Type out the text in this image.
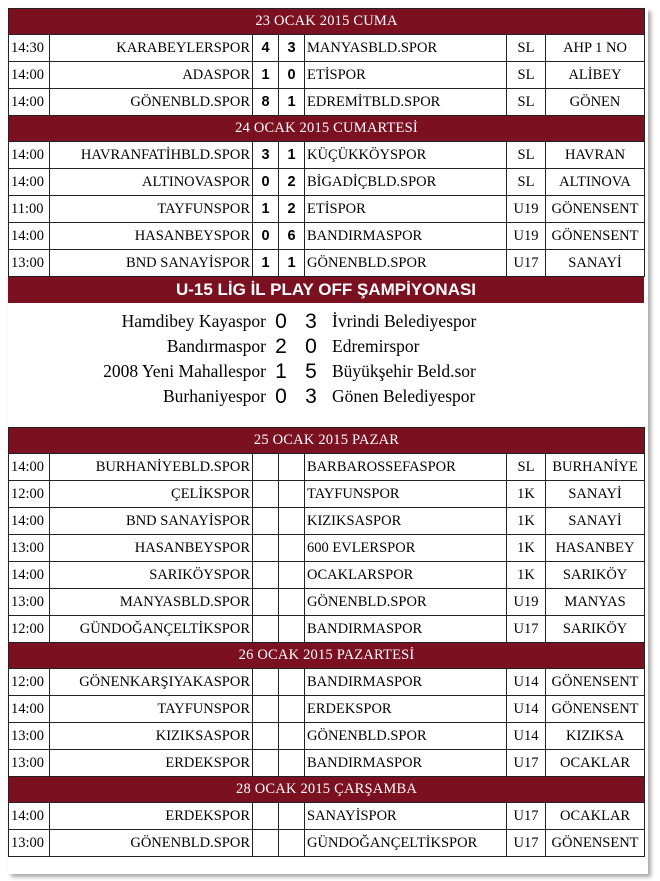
23 OCAK 2015 CUMA						
14:30	KARABEYLERSPOR	4	3	MANYASBLD.SPOR	SL	AHP 1 NO
14:00	ADASPOR	1	0	ETİSPOR	SL	ALİBEY
14:00	GÖNENBLD.SPOR	8	1	EDREMİTBLD.SPOR	SL	GÖNEN
24 OCAK 2015 CUMARTESİ						
14:00	HAVRANFATİHBLD.SPOR	3	1	KÜÇÜKKÖYSPOR	SL	HAVRAN
14:00	ALTINOVASPOR	0	2	BİGADİÇBLD.SPOR	SL	ALTINOVA
11:00	TAYFUNSPOR	1	2	ETİSPOR	U19	GÖNENSENT
14:00	HASANBEYSPOR	0	6	BANDIRMASPOR	U19	GÖNENSENT
13:00	BND SANAYİSPOR	1	1	GÖNENBLD.SPOR	U17	SANAYİ
U-15 LİG İL PLAY OFF ŞAMPİYONASI
Hamdibey Kayaspor 0 3 İvrindi Belediyespor
Bandırmaspor 2 0 Edremirspor
2008 Yeni Mahallespor 1 5 Büyükşehir Beld.sor
Burhaniyespor 0 3 Gönen Belediyespor
25 OCAK 2015 PAZAR						
14:00	BURHANİYEBLD.SPOR			BARBAROSSEFASPOR	SL	BURHANİYE
12:00	ÇELİKSPOR			TAYFUNSPOR	1K	SANAYİ
14:00	BND SANAYİSPOR			KIZIKSASPOR	1K	SANAYİ
13:00	HASANBEYSPOR			600 EVLERSPOR	1K	HASANBEY
14:00	SARIKÖYSPOR			OCAKLARSPOR	1K	SARIKÖY
13:00	MANYASBLD.SPOR			GÖNENBLD.SPOR	U19	MANYAS
12:00	GÜNDOĞANÇELTİKSPOR			BANDIRMASPOR	U17	SARIKÖY
26 OCAK 2015 PAZARTESİ						
12:00	GÖNENKARŞIYAKASPOR			BANDIRMASPOR	U14	GÖNENSENT
14:00	TAYFUNSPOR			ERDEKSPOR	U14	GÖNENSENT
13:00	KIZIKSASPOR			GÖNENBLD.SPOR	U14	KIZIKSA
13:00	ERDEKSPOR			BANDIRMASPOR	U17	OCAKLAR
28 OCAK 2015 ÇARŞAMBA						
14:00	ERDEKSPOR			SANAYİSPOR	U17	OCAKLAR
13:00	GÖNENBLD.SPOR			GÜNDOĞANÇELTİKSPOR	U17	GÖNENSENT
